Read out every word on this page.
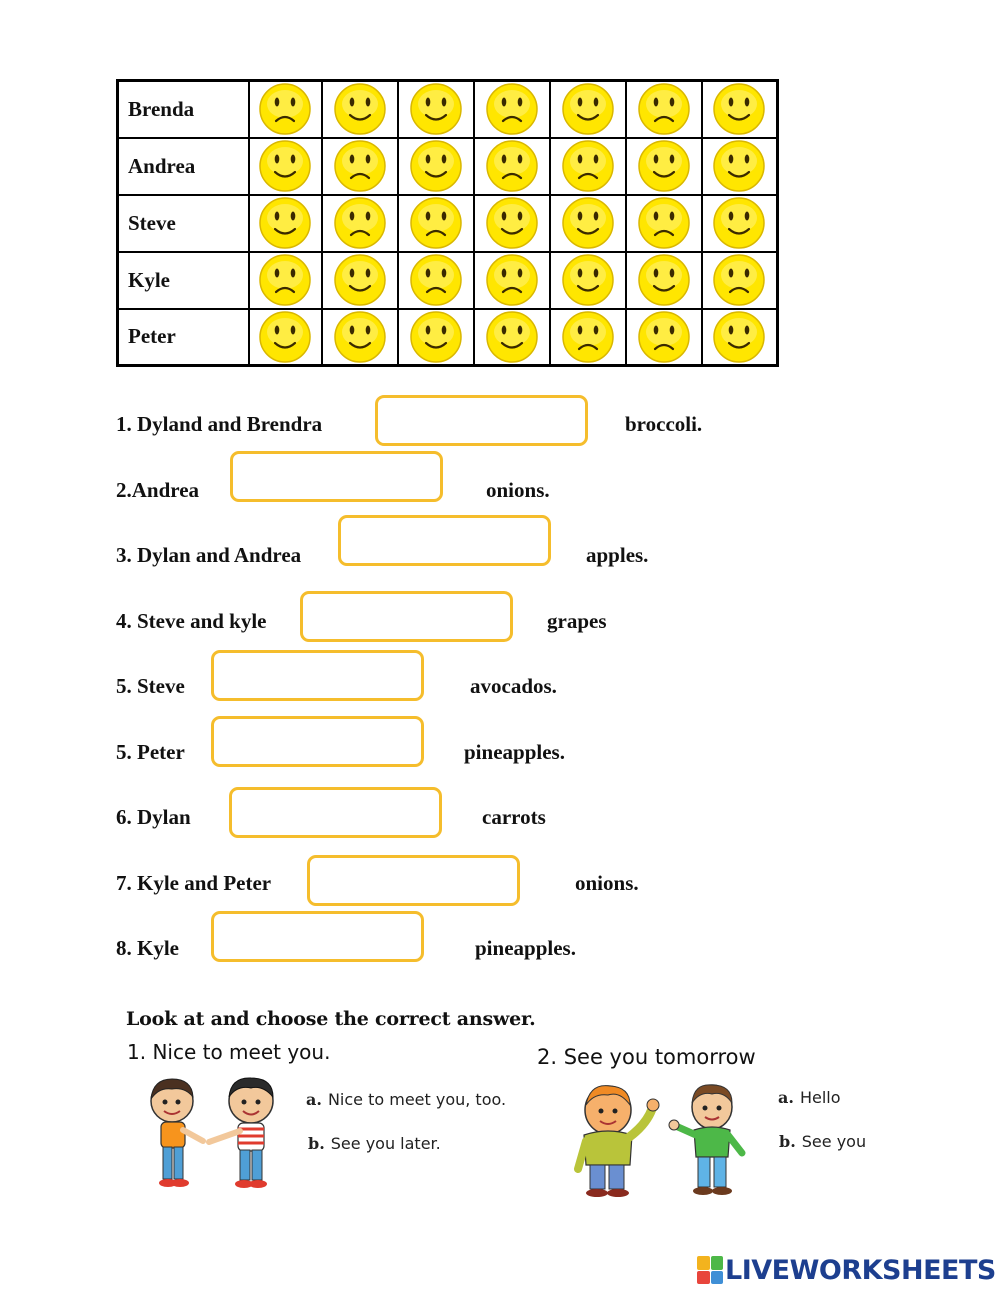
Brenda	

Andrea	

Steve	

Kyle	

Peter	

1. Dyland and Brendra	broccoli.
2.Andrea	onions.
3. Dylan and Andrea	apples.
4. Steve and kyle	grapes
5. Steve	avocados.
5. Peter	pineapples.
6. Dylan	carrots
7. Kyle and Peter	onions.
8. Kyle	pineapples.
Look at and choose the correct answer.
1. Nice to meet you.
a. Nice to meet you, too.
b. See you later.
2. See you tomorrow
a. Hello
b. See you
LIVEWORKSHEETS
